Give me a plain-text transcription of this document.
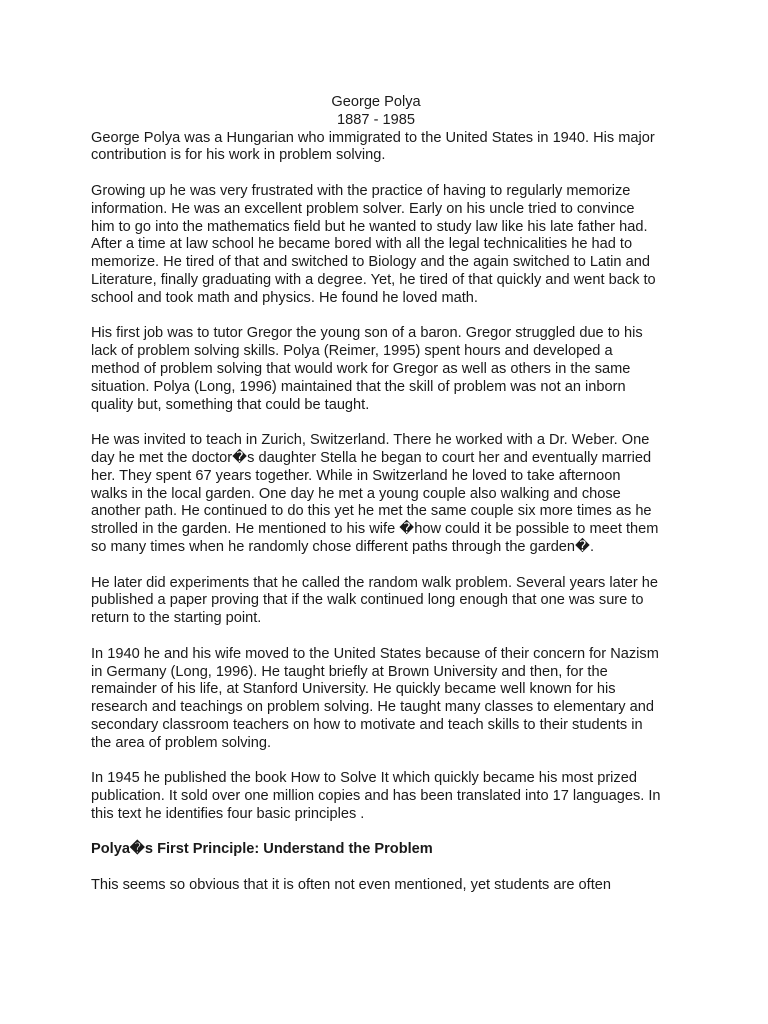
George Polya

1887 - 1985

George Polya was a Hungarian who immigrated to the United States in 1940. His major contribution is for his work in problem solving.

Growing up he was very frustrated with the practice of having to regularly memorize information. He was an excellent problem solver. Early on his uncle tried to convince him to go into the mathematics field but he wanted to study law like his late father had. After a time at law school he became bored with all the legal technicalities he had to memorize. He tired of that and switched to Biology and the again switched to Latin and Literature, finally graduating with a degree. Yet, he tired of that quickly and went back to school and took math and physics. He found he loved math.

His first job was to tutor Gregor the young son of a baron. Gregor struggled due to his lack of problem solving skills. Polya (Reimer, 1995) spent hours and developed a method of problem solving that would work for Gregor as well as others in the same situation. Polya (Long, 1996) maintained that the skill of problem was not an inborn quality but, something that could be taught.

He was invited to teach in Zurich, Switzerland. There he worked with a Dr. Weber. One day he met the doctor�s daughter Stella he began to court her and eventually married her. They spent 67 years together. While in Switzerland he loved to take afternoon walks in the local garden. One day he met a young couple also walking and chose another path. He continued to do this yet he met the same couple six more times as he strolled in the garden. He mentioned to his wife �how could it be possible to meet them so many times when he randomly chose different paths through the garden�.

He later did experiments that he called the random walk problem. Several years later he published a paper proving that if the walk continued long enough that one was sure to return to the starting point.

In 1940 he and his wife moved to the United States because of their concern for Nazism in Germany (Long, 1996). He taught briefly at Brown University and then, for the remainder of his life, at Stanford University. He quickly became well known for his research and teachings on problem solving. He taught many classes to elementary and secondary classroom teachers on how to motivate and teach skills to their students in the area of problem solving.

In 1945 he published the book How to Solve It which quickly became his most prized publication. It sold over one million copies and has been translated into 17 languages. In this text he identifies four basic principles .

Polya�s First Principle: Understand the Problem

This seems so obvious that it is often not even mentioned, yet students are often
